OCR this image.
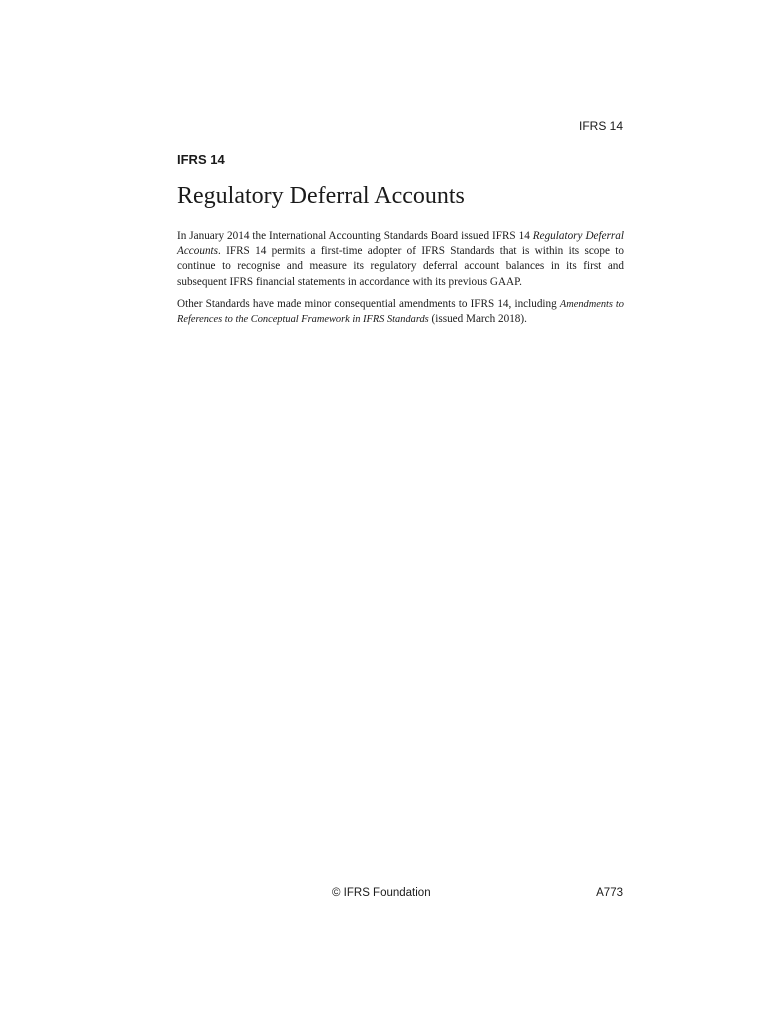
IFRS 14
IFRS 14
Regulatory Deferral Accounts

In January 2014 the International Accounting Standards Board issued IFRS 14 Regulatory Deferral Accounts. IFRS 14 permits a first-time adopter of IFRS Standards that is within its scope to continue to recognise and measure its regulatory deferral account balances in its first and subsequent IFRS financial statements in accordance with its previous GAAP.

Other Standards have made minor consequential amendments to IFRS 14, including Amendments to References to the Conceptual Framework in IFRS Standards (issued March 2018).

© IFRS Foundation	A773
